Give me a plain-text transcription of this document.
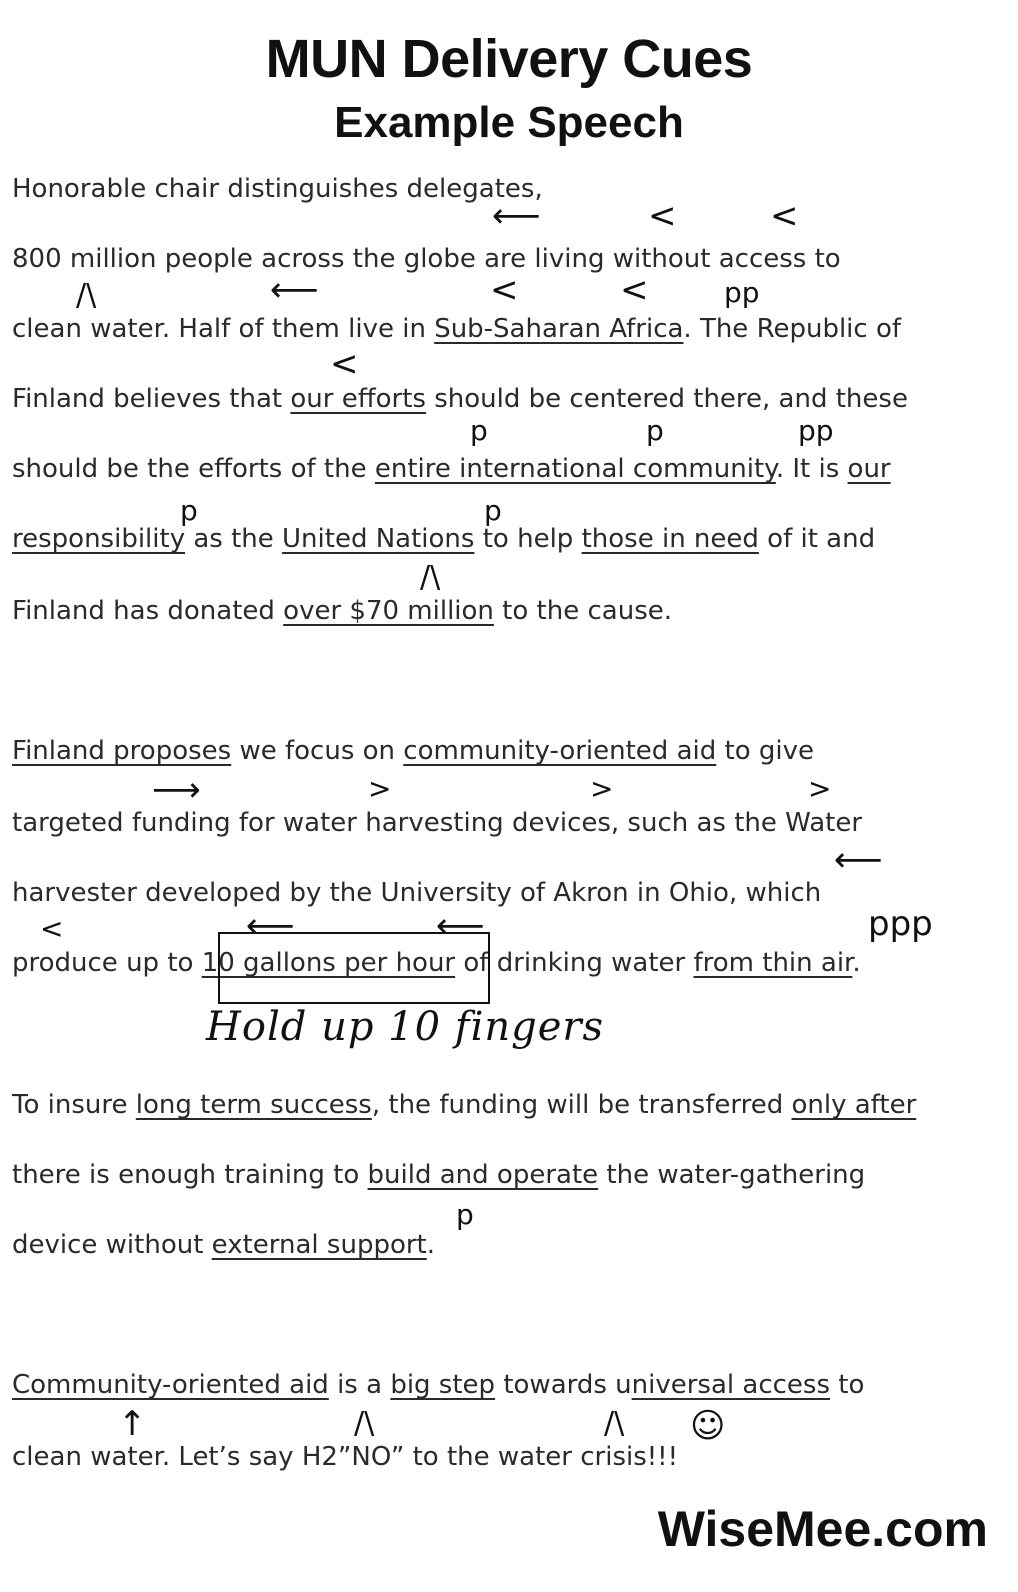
MUN Delivery Cues
Example Speech
Honorable chair distinguishes delegates,
⟵	<	<
800 million people across the globe are living without access to
/\	⟵	<	<	pp
clean water. Half of them live in Sub-Saharan Africa. The Republic of
<
Finland believes that our efforts should be centered there, and these
p	p	pp
should be the efforts of the entire international community. It is our
p	p
responsibility as the United Nations to help those in need of it and
/\
Finland has donated over $70 million to the cause.
Finland proposes we focus on community-oriented aid to give
⟶	>	>	>
targeted funding for water harvesting devices, such as the Water
⟵
harvester developed by the University of Akron in Ohio, which
<	⟵	⟵	ppp
produce up to 10 gallons per hour of drinking water from thin air.
Hold up 10 fingers
To insure long term success, the funding will be transferred only after
there is enough training to build and operate the water-gathering
p
device without external support.
Community-oriented aid is a big step towards universal access to
↑	/\	/\ ☺
clean water. Let’s say H2”NO” to the water crisis!!!
WiseMee.com
